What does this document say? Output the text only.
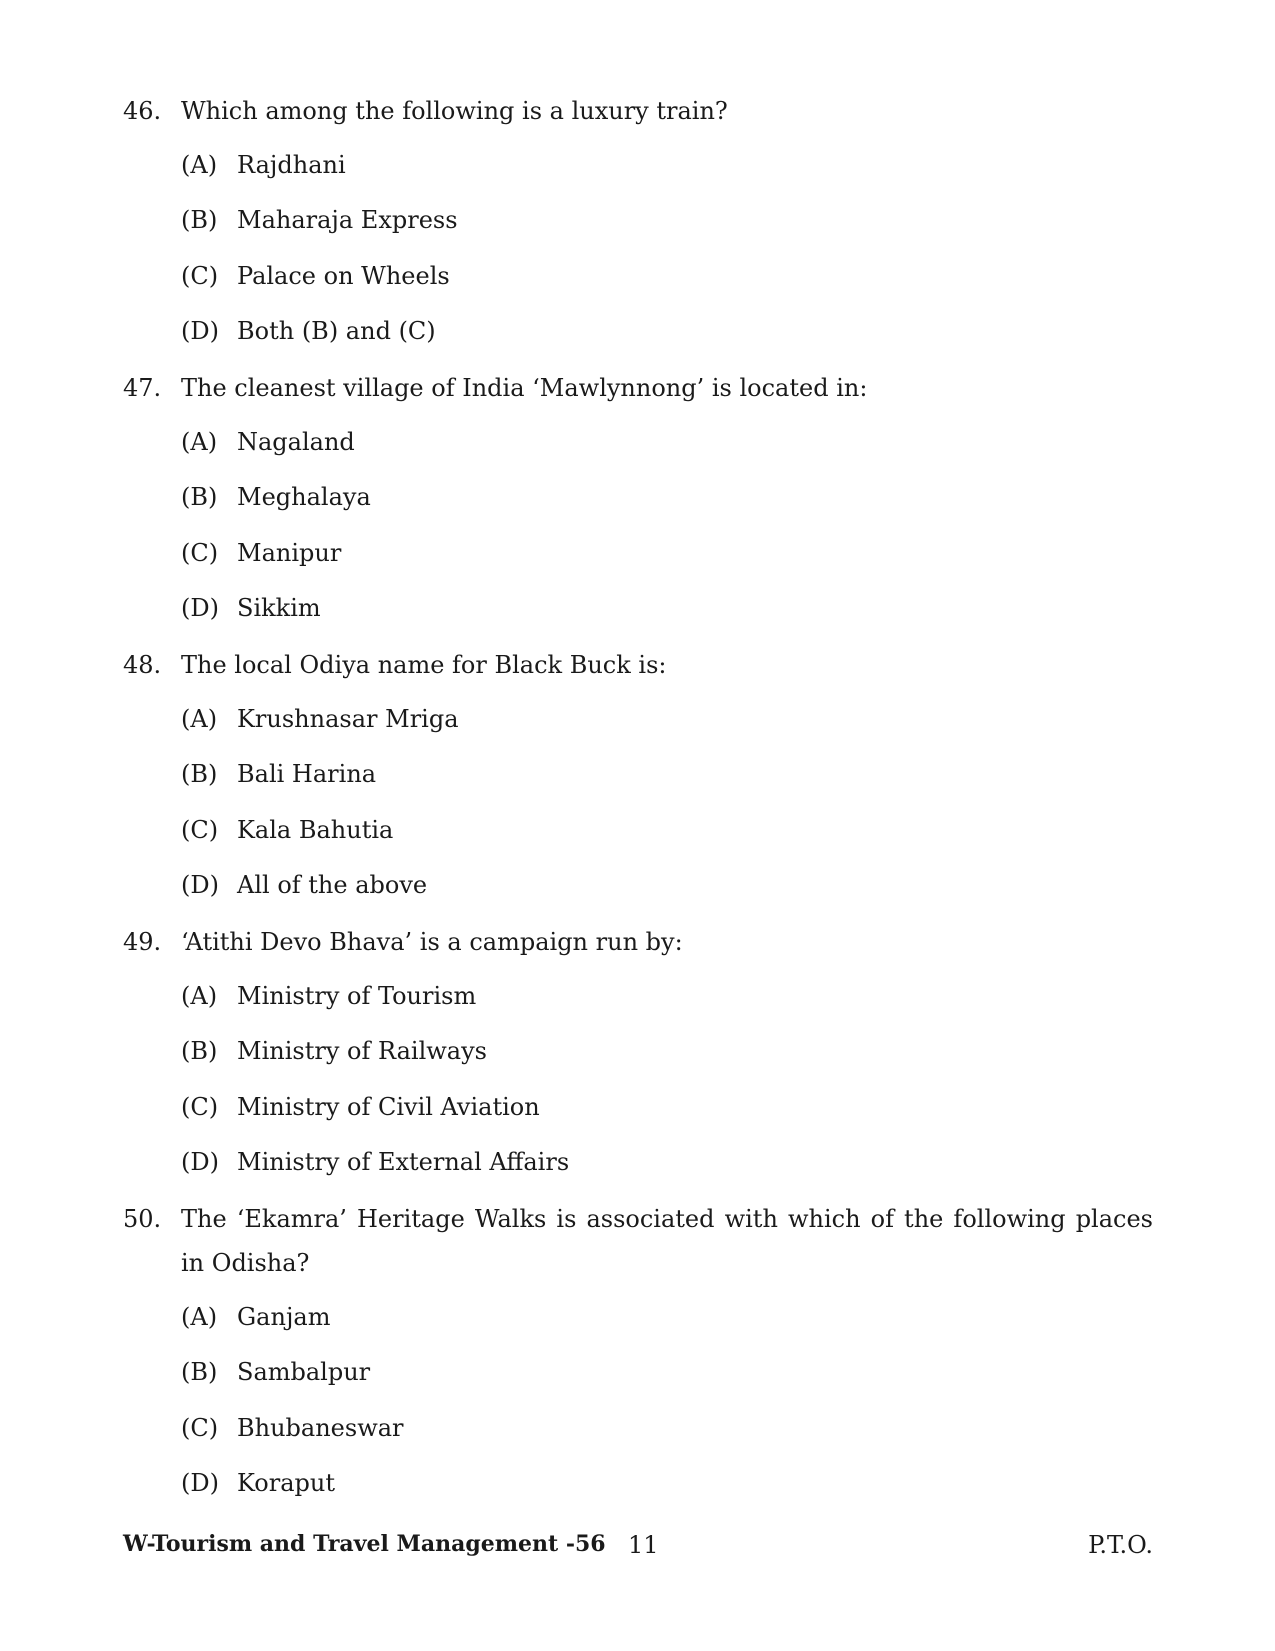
46. Which among the following is a luxury train?
(A) Rajdhani
(B) Maharaja Express
(C) Palace on Wheels
(D) Both (B) and (C)
47. The cleanest village of India ‘Mawlynnong’ is located in:
(A) Nagaland
(B) Meghalaya
(C) Manipur
(D) Sikkim
48. The local Odiya name for Black Buck is:
(A) Krushnasar Mriga
(B) Bali Harina
(C) Kala Bahutia
(D) All of the above
49. ‘Atithi Devo Bhava’ is a campaign run by:
(A) Ministry of Tourism
(B) Ministry of Railways
(C) Ministry of Civil Aviation
(D) Ministry of External Affairs
50. The ‘Ekamra’ Heritage Walks is associated with which of the following places in Odisha?
(A) Ganjam
(B) Sambalpur
(C) Bhubaneswar
(D) Koraput
W-Tourism and Travel Management -56 11	P.T.O.
